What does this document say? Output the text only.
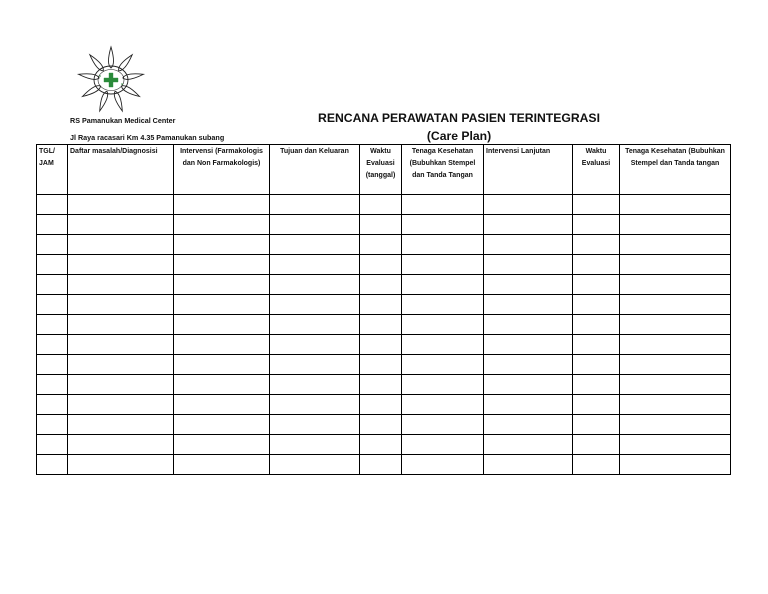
RS Pamanukan Medical Center
Jl Raya racasari Km 4.35 Pamanukan subang
RENCANA PERAWATAN PASIEN TERINTEGRASI
(Care Plan)
TGL/ JAM	Daftar masalah/Diagnosisi	Intervensi (Farmakologis dan Non Farmakologis)	Tujuan dan Keluaran	Waktu Evaluasi (tanggal)	Tenaga Kesehatan (Bubuhkan Stempel dan Tanda Tangan	Intervensi Lanjutan	Waktu Evaluasi	Tenaga Kesehatan (Bubuhkan Stempel dan Tanda tangan
